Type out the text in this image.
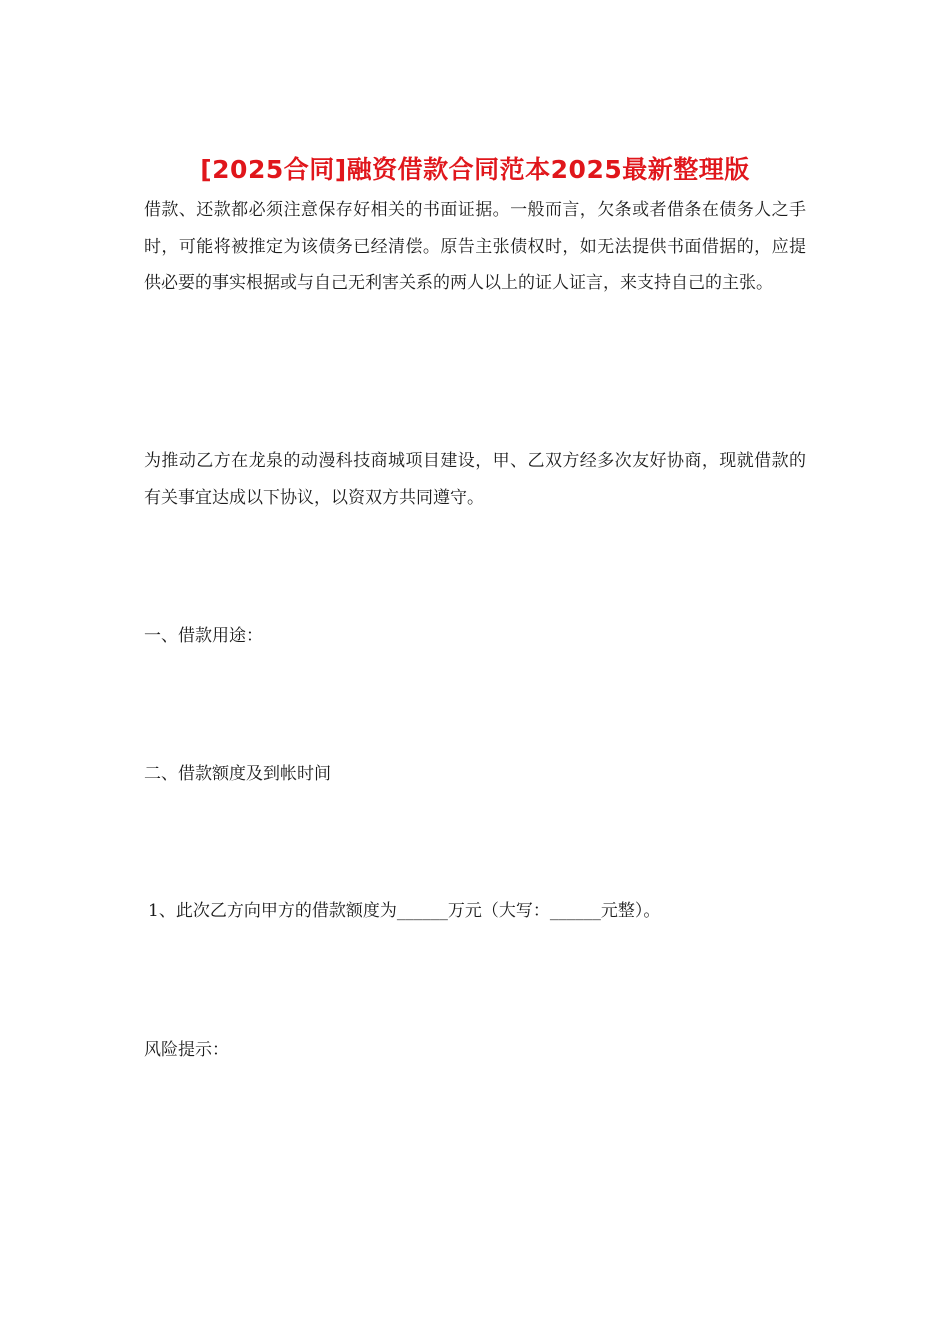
[2025合同]融资借款合同范本2025最新整理版
借款、还款都必须注意保存好相关的书面证据。一般而言，欠条或者借条在债务人之手时，可能将被推定为该债务已经清偿。原告主张债权时，如无法提供书面借据的，应提供必要的事实根据或与自己无利害关系的两人以上的证人证言，来支持自己的主张。
为推动乙方在龙泉的动漫科技商城项目建设，甲、乙双方经多次友好协商，现就借款的有关事宜达成以下协议，以资双方共同遵守。
一、借款用途：
二、借款额度及到帐时间
1、此次乙方向甲方的借款额度为______万元（大写：______元整）。
风险提示：
